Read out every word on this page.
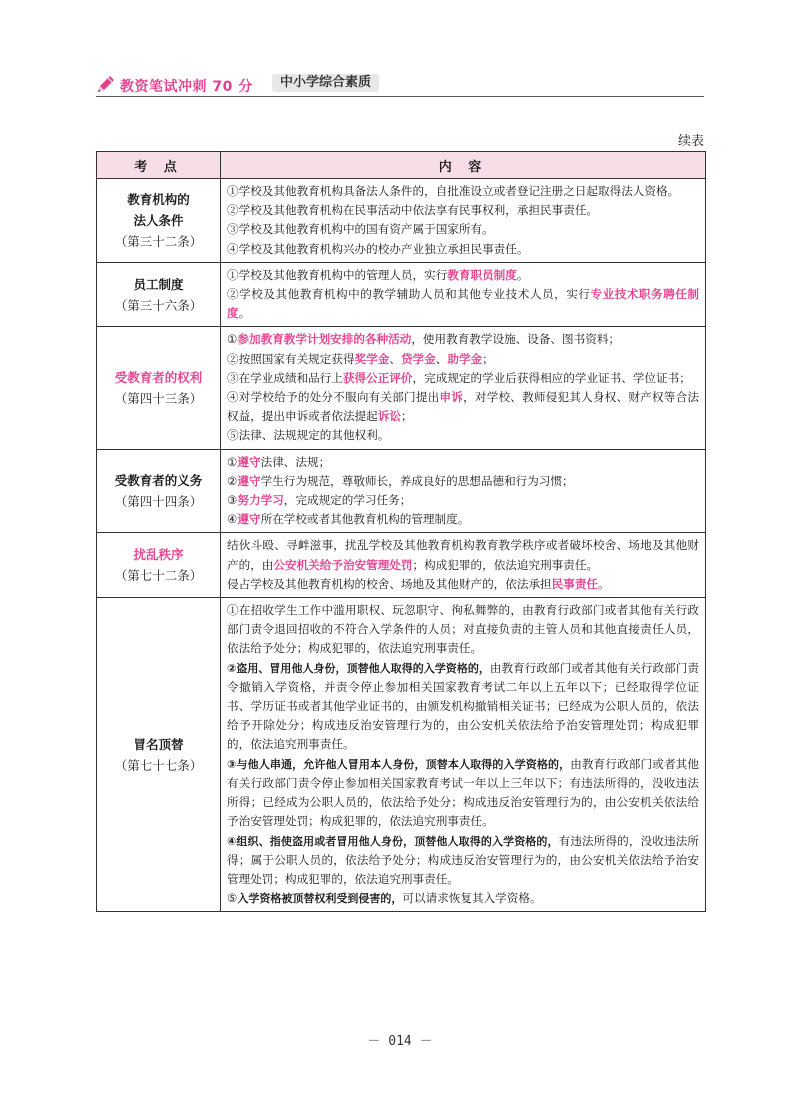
教资笔试冲刺 70 分	中小学综合素质
续表
考 点	内 容

教育机构的
法人条件
（第三十二条）	①学校及其他教育机构具备法人条件的，自批准设立或者登记注册之日起取得法人资格。
②学校及其他教育机构在民事活动中依法享有民事权利，承担民事责任。
③学校及其他教育机构中的国有资产属于国家所有。
④学校及其他教育机构兴办的校办产业独立承担民事责任。

员工制度
（第三十六条）	①学校及其他教育机构中的管理人员，实行教育职员制度。
②学校及其他教育机构中的教学辅助人员和其他专业技术人员，实行专业技术职务聘任制度。

受教育者的权利
（第四十三条）	①参加教育教学计划安排的各种活动，使用教育教学设施、设备、图书资料；
②按照国家有关规定获得奖学金、贷学金、助学金；
③在学业成绩和品行上获得公正评价，完成规定的学业后获得相应的学业证书、学位证书；
④对学校给予的处分不服向有关部门提出申诉，对学校、教师侵犯其人身权、财产权等合法权益，提出申诉或者依法提起诉讼；
⑤法律、法规规定的其他权利。

受教育者的义务
（第四十四条）	①遵守法律、法规；
②遵守学生行为规范，尊敬师长，养成良好的思想品德和行为习惯；
③努力学习，完成规定的学习任务；
④遵守所在学校或者其他教育机构的管理制度。

扰乱秩序
（第七十二条）	结伙斗殴、寻衅滋事，扰乱学校及其他教育机构教育教学秩序或者破坏校舍、场地及其他财产的，由公安机关给予治安管理处罚；构成犯罪的，依法追究刑事责任。
侵占学校及其他教育机构的校舍、场地及其他财产的，依法承担民事责任。

冒名顶替
（第七十七条）	①在招收学生工作中滥用职权、玩忽职守、徇私舞弊的，由教育行政部门或者其他有关行政部门责令退回招收的不符合入学条件的人员；对直接负责的主管人员和其他直接责任人员，依法给予处分；构成犯罪的，依法追究刑事责任。
②盗用、冒用他人身份，顶替他人取得的入学资格的，由教育行政部门或者其他有关行政部门责令撤销入学资格，并责令停止参加相关国家教育考试二年以上五年以下；已经取得学位证书、学历证书或者其他学业证书的，由颁发机构撤销相关证书；已经成为公职人员的，依法给予开除处分；构成违反治安管理行为的，由公安机关依法给予治安管理处罚；构成犯罪的，依法追究刑事责任。
③与他人串通，允许他人冒用本人身份，顶替本人取得的入学资格的，由教育行政部门或者其他有关行政部门责令停止参加相关国家教育考试一年以上三年以下；有违法所得的，没收违法所得；已经成为公职人员的，依法给予处分；构成违反治安管理行为的，由公安机关依法给予治安管理处罚；构成犯罪的，依法追究刑事责任。
④组织、指使盗用或者冒用他人身份，顶替他人取得的入学资格的，有违法所得的，没收违法所得；属于公职人员的，依法给予处分；构成违反治安管理行为的，由公安机关依法给予治安管理处罚；构成犯罪的，依法追究刑事责任。
⑤入学资格被顶替权利受到侵害的，可以请求恢复其入学资格。
－ 014 －
